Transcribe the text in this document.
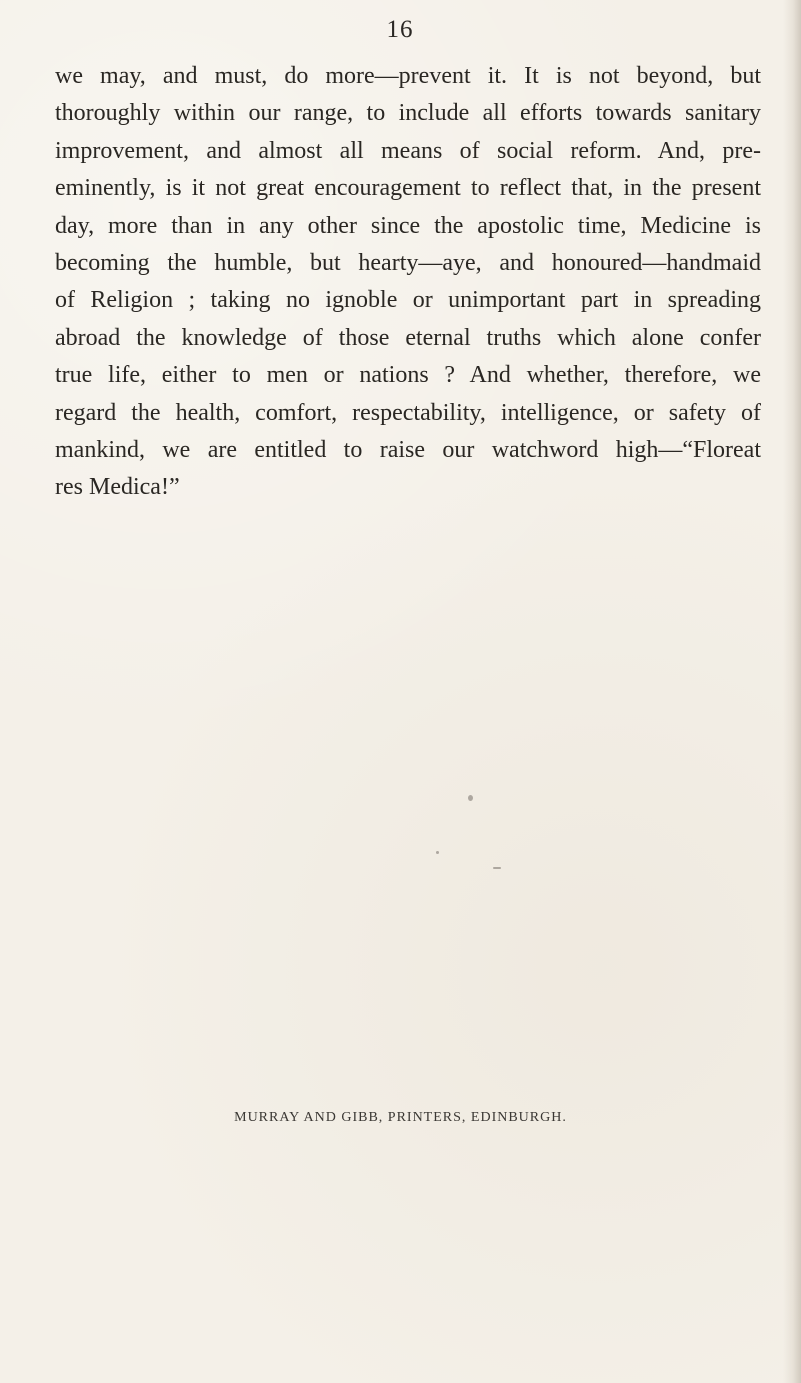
16

we may, and must, do more—prevent it. It is not beyond, but
thoroughly within our range, to include all efforts towards sanitary
improvement, and almost all means of social reform. And, pre-
eminently, is it not great encouragement to reflect that, in the present
day, more than in any other since the apostolic time, Medicine is
becoming the humble, but hearty—aye, and honoured—handmaid
of Religion ; taking no ignoble or unimportant part in spreading
abroad the knowledge of those eternal truths which alone confer
true life, either to men or nations ? And whether, therefore, we
regard the health, comfort, respectability, intelligence, or safety of
mankind, we are entitled to raise our watchword high—“Floreat
res Medica!”

MURRAY AND GIBB, PRINTERS, EDINBURGH.
